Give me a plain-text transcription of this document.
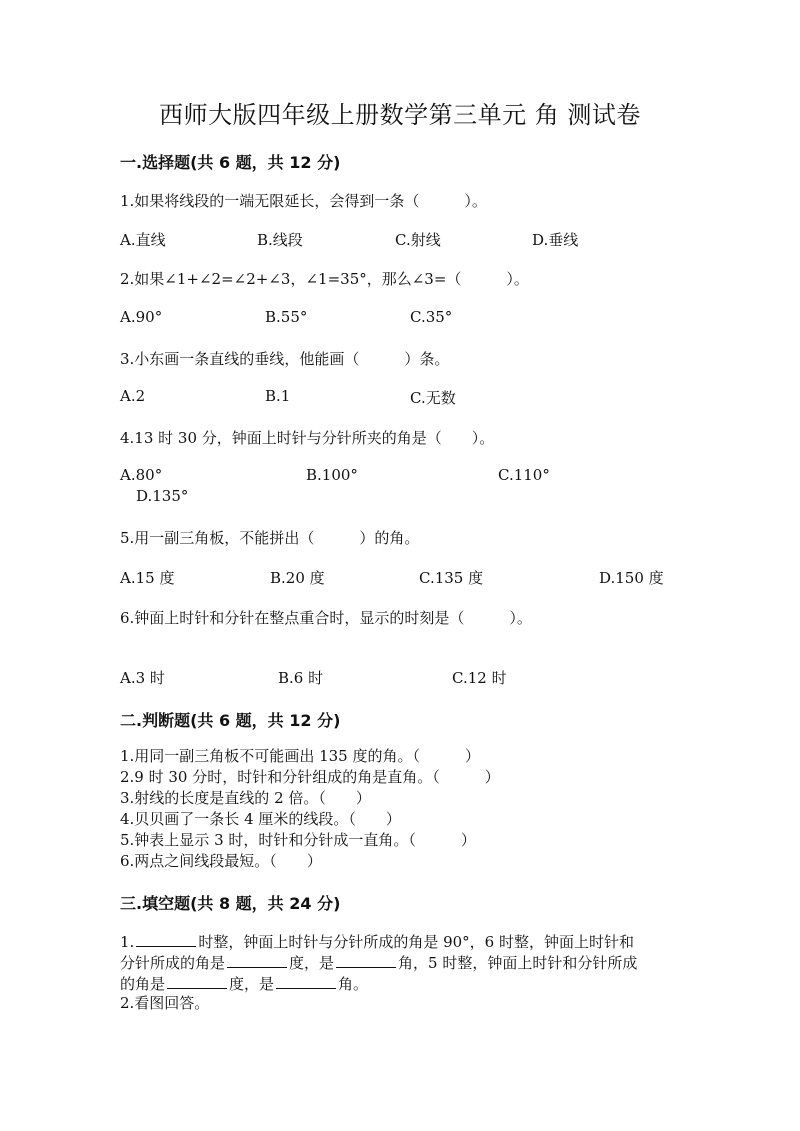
西师大版四年级上册数学第三单元 角 测试卷
一.选择题(共 6 题，共 12 分)
1.如果将线段的一端无限延长，会得到一条（　　　）。
A.直线	B.线段	C.射线	D.垂线
2.如果∠1+∠2=∠2+∠3，∠1=35°，那么∠3=（　　　）。
A.90°	B.55°	C.35°
3.小东画一条直线的垂线，他能画（　　　）条。
A.2	B.1	C.无数
4.13 时 30 分，钟面上时针与分针所夹的角是（　　）。
A.80°	B.100°	C.110°
D.135°
5.用一副三角板，不能拼出（　　　）的角。
A.15 度	B.20 度	C.135 度	D.150 度
6.钟面上时针和分针在整点重合时，显示的时刻是（　　　）。
A.3 时	B.6 时	C.12 时
二.判断题(共 6 题，共 12 分)
1.用同一副三角板不可能画出 135 度的角。（　　　）
2.9 时 30 分时，时针和分针组成的角是直角。（　　　）
3.射线的长度是直线的 2 倍。（　　）
4.贝贝画了一条长 4 厘米的线段。（　　）
5.钟表上显示 3 时，时针和分针成一直角。（　　　）
6.两点之间线段最短。（　　）
三.填空题(共 8 题，共 24 分)
1.	时整，钟面上时针与分针所成的角是 90°，6 时整，钟面上时针和
分针所成的角是	度，是	角，5 时整，钟面上时针和分针所成
的角是	度，是	角。
2.看图回答。
